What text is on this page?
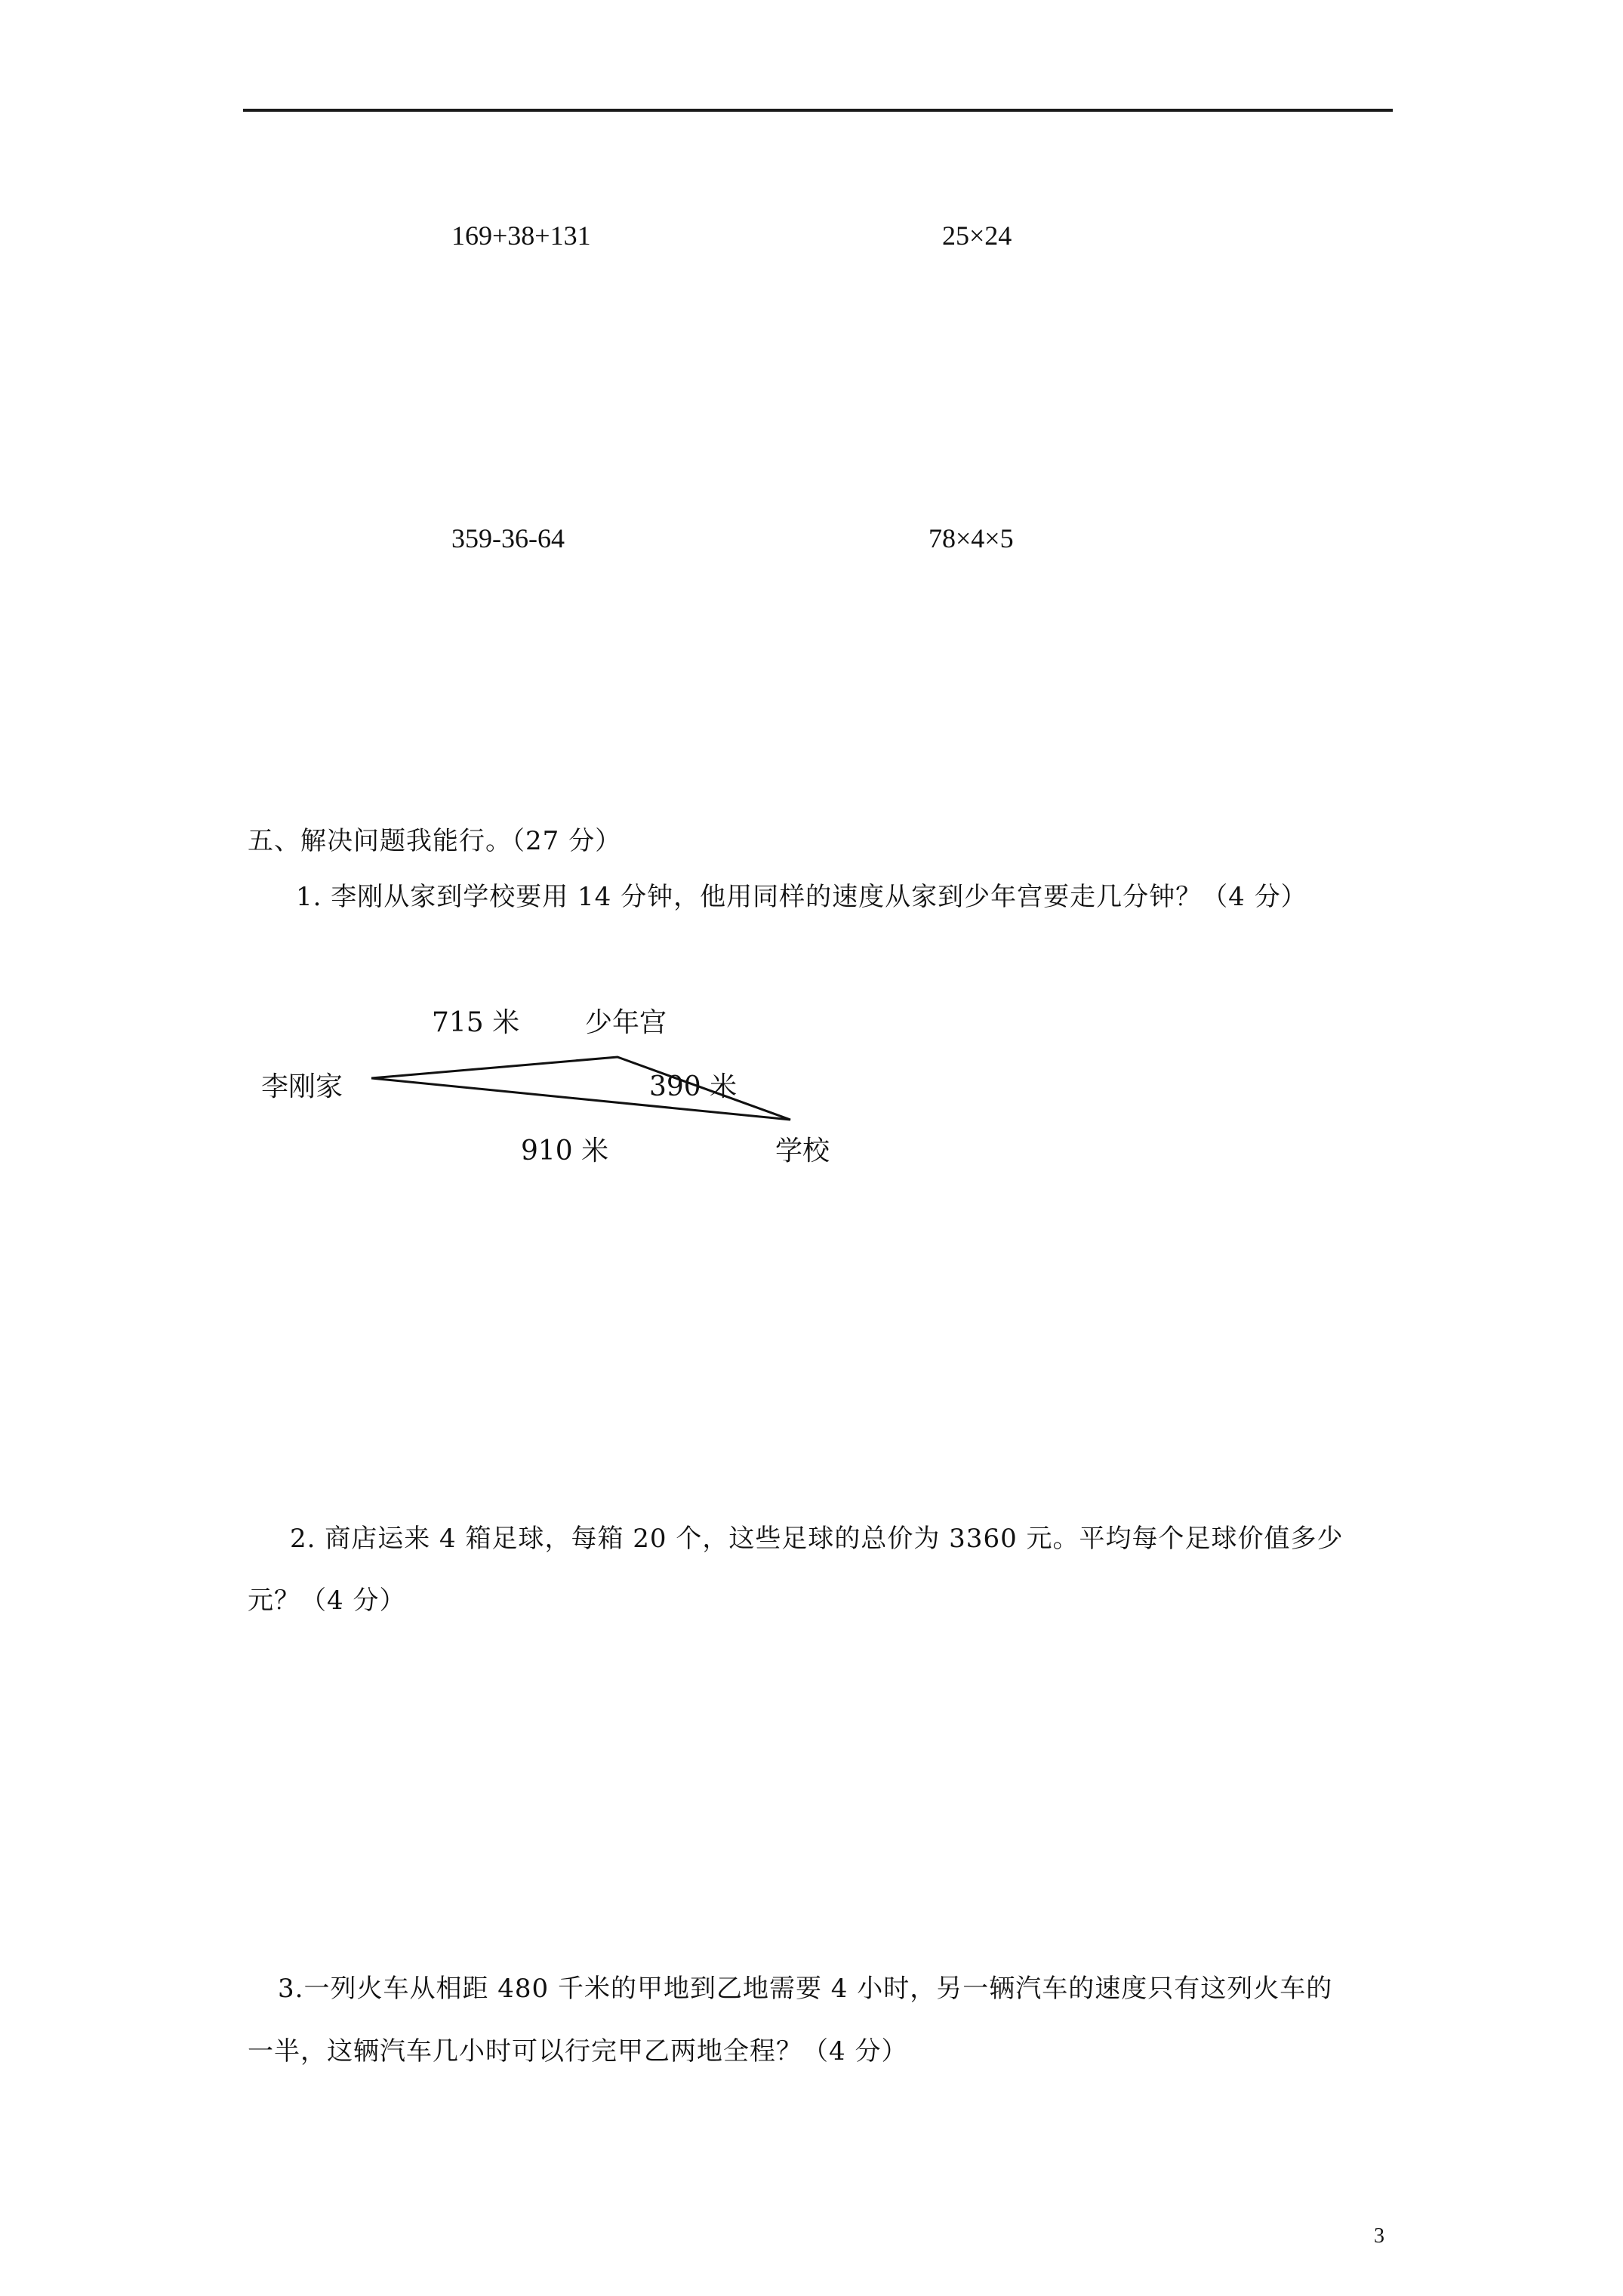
169+38+131	25×24
359-36-64	78×4×5
五、解决问题我能行。（27 分）
1. 李刚从家到学校要用 14 分钟，他用同样的速度从家到少年宫要走几分钟？（4 分）
715 米 少年宫
李刚家	390 米
910 米	学校
2. 商店运来 4 箱足球，每箱 20 个，这些足球的总价为 3360 元。平均每个足球价值多少
元？（4 分）
3.一列火车从相距 480 千米的甲地到乙地需要 4 小时，另一辆汽车的速度只有这列火车的
一半，这辆汽车几小时可以行完甲乙两地全程？（4 分）
3
